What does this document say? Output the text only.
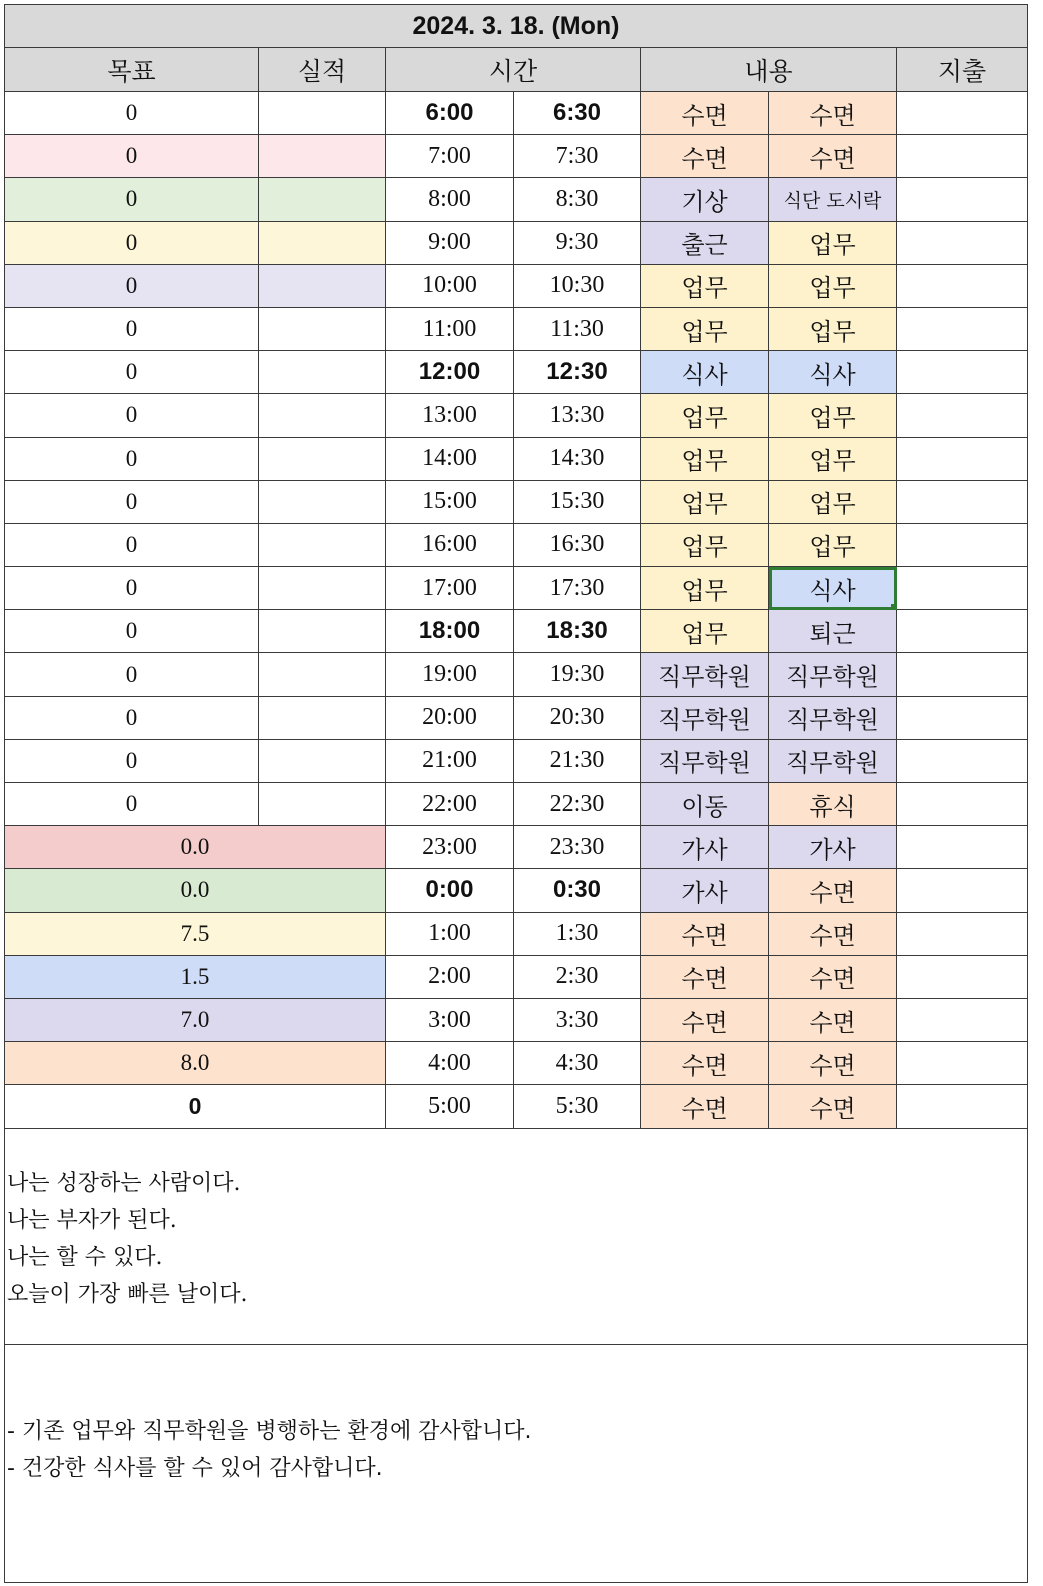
2024. 3. 18. (Mon)						
목표	실적	시간		내용		지출
0		6:00	6:30	수면	수면	
0		7:00	7:30	수면	수면	
0		8:00	8:30	기상	식단 도시락	
0		9:00	9:30	출근	업무	
0		10:00	10:30	업무	업무	
0		11:00	11:30	업무	업무	
0		12:00	12:30	식사	식사	
0		13:00	13:30	업무	업무	
0		14:00	14:30	업무	업무	
0		15:00	15:30	업무	업무	
0		16:00	16:30	업무	업무	
0		17:00	17:30	업무	식사	
0		18:00	18:30	업무	퇴근	
0		19:00	19:30	직무학원	직무학원	
0		20:00	20:30	직무학원	직무학원	
0		21:00	21:30	직무학원	직무학원	
0		22:00	22:30	이동	휴식	
0.0		23:00	23:30	가사	가사	
0.0		0:00	0:30	가사	수면	
7.5		1:00	1:30	수면	수면	
1.5		2:00	2:30	수면	수면	
7.0		3:00	3:30	수면	수면	
8.0		4:00	4:30	수면	수면	
0		5:00	5:30	수면	수면	

나는 성장하는 사람이다.
나는 부자가 된다.
나는 할 수 있다.
오늘이 가장 빠른 날이다.						

- 기존 업무와 직무학원을 병행하는 환경에 감사합니다.
- 건강한 식사를 할 수 있어 감사합니다.						
